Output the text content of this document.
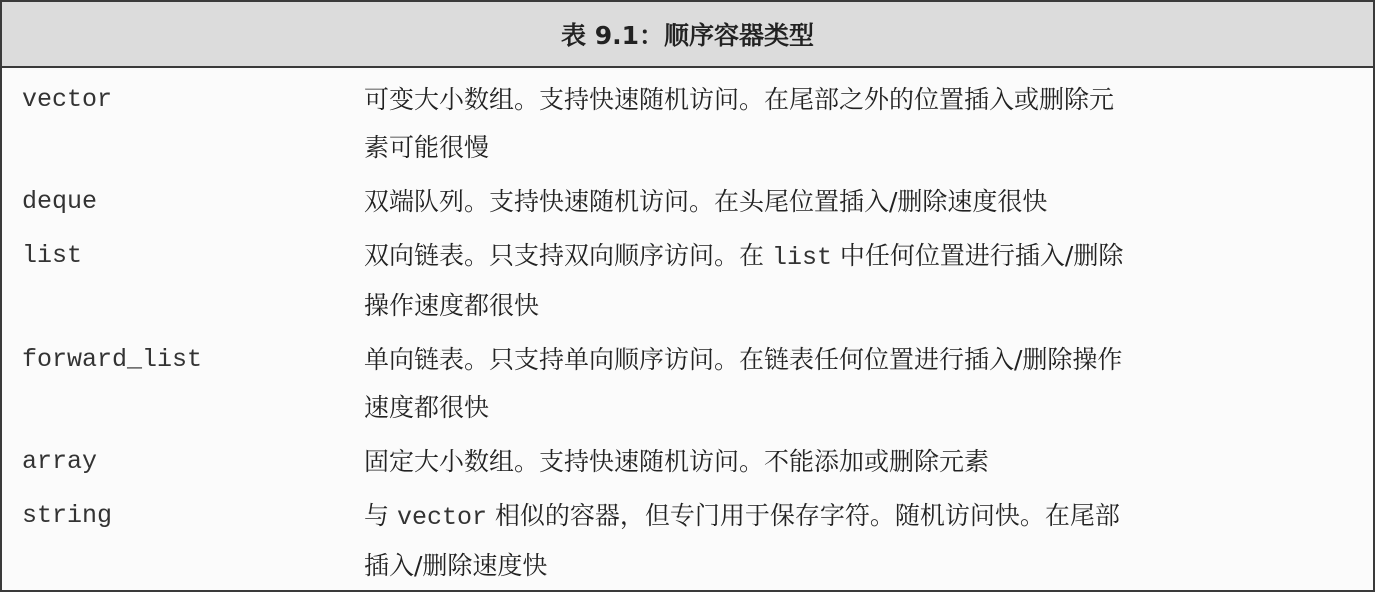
表 9.1：顺序容器类型
vector	可变大小数组。支持快速随机访问。在尾部之外的位置插入或删除元
素可能很慢
deque	双端队列。支持快速随机访问。在头尾位置插入/删除速度很快
list	双向链表。只支持双向顺序访问。在 list 中任何位置进行插入/删除
操作速度都很快
forward_list	单向链表。只支持单向顺序访问。在链表任何位置进行插入/删除操作
速度都很快
array	固定大小数组。支持快速随机访问。不能添加或删除元素
string	与 vector 相似的容器，但专门用于保存字符。随机访问快。在尾部
插入/删除速度快
